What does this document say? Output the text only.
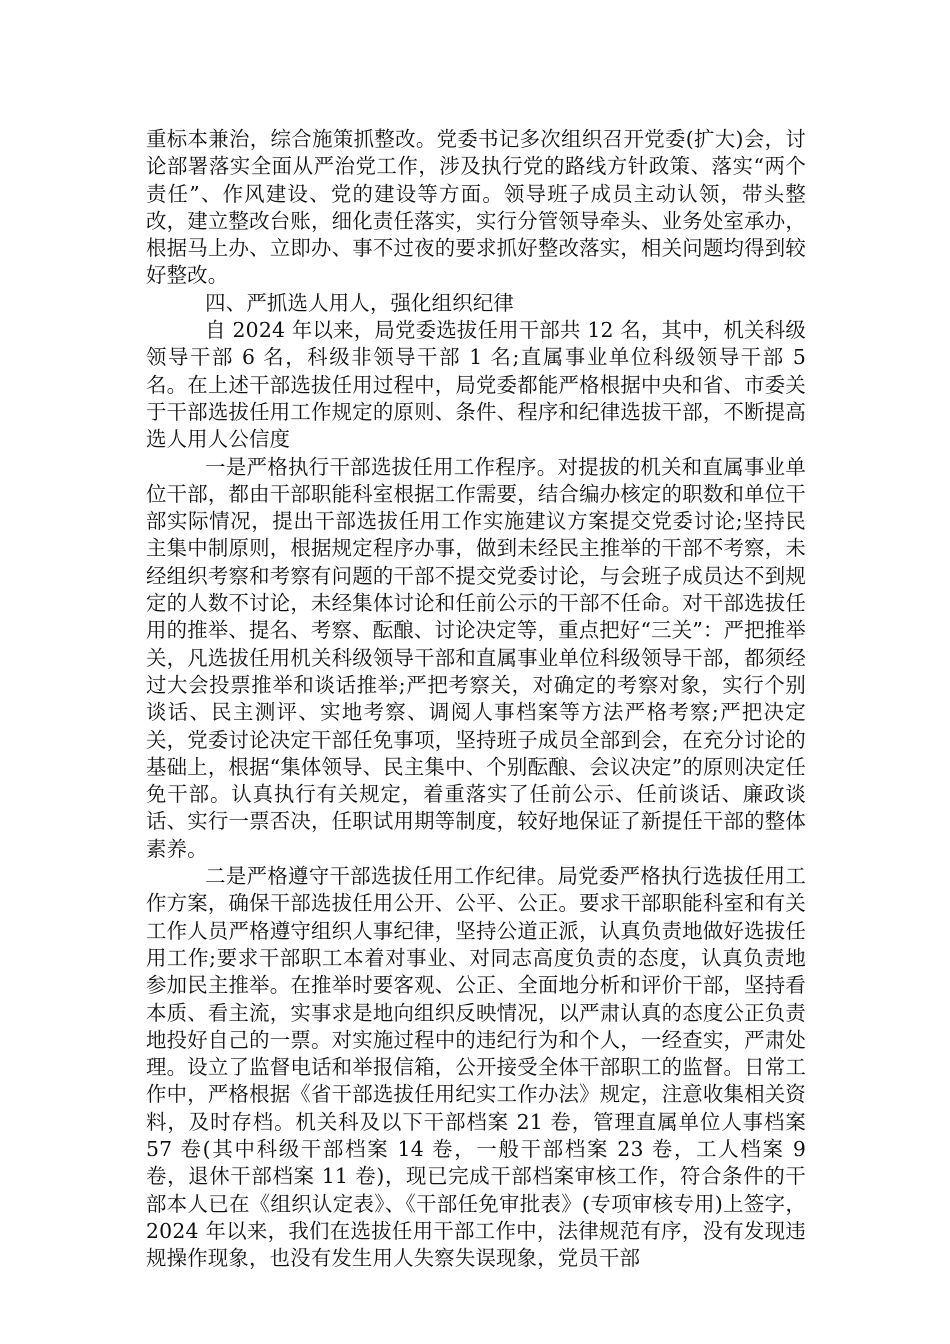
重标本兼治，综合施策抓整改。党委书记多次组织召开党委(扩大)会，讨论部署落实全面从严治党工作，涉及执行党的路线方针政策、落实“两个责任”、作风建设、党的建设等方面。领导班子成员主动认领，带头整改，建立整改台账，细化责任落实，实行分管领导牵头、业务处室承办，根据马上办、立即办、事不过夜的要求抓好整改落实，相关问题均得到较好整改。

四、严抓选人用人，强化组织纪律

自 2024 年以来，局党委选拔任用干部共 12 名，其中，机关科级领导干部 6 名，科级非领导干部 1 名;直属事业单位科级领导干部 5 名。在上述干部选拔任用过程中，局党委都能严格根据中央和省、市委关于干部选拔任用工作规定的原则、条件、程序和纪律选拔干部，不断提高选人用人公信度

一是严格执行干部选拔任用工作程序。对提拔的机关和直属事业单位干部，都由干部职能科室根据工作需要，结合编办核定的职数和单位干部实际情况，提出干部选拔任用工作实施建议方案提交党委讨论;坚持民主集中制原则，根据规定程序办事，做到未经民主推举的干部不考察，未经组织考察和考察有问题的干部不提交党委讨论，与会班子成员达不到规定的人数不讨论，未经集体讨论和任前公示的干部不任命。对干部选拔任用的推举、提名、考察、酝酿、讨论决定等，重点把好“三关”：严把推举关，凡选拔任用机关科级领导干部和直属事业单位科级领导干部，都须经过大会投票推举和谈话推举;严把考察关，对确定的考察对象，实行个别谈话、民主测评、实地考察、调阅人事档案等方法严格考察;严把决定关，党委讨论决定干部任免事项，坚持班子成员全部到会，在充分讨论的基础上，根据“集体领导、民主集中、个别酝酿、会议决定”的原则决定任免干部。认真执行有关规定，着重落实了任前公示、任前谈话、廉政谈话、实行一票否决，任职试用期等制度，较好地保证了新提任干部的整体素养。

二是严格遵守干部选拔任用工作纪律。局党委严格执行选拔任用工作方案，确保干部选拔任用公开、公平、公正。要求干部职能科室和有关工作人员严格遵守组织人事纪律，坚持公道正派，认真负责地做好选拔任用工作;要求干部职工本着对事业、对同志高度负责的态度，认真负责地参加民主推举。在推举时要客观、公正、全面地分析和评价干部，坚持看本质、看主流，实事求是地向组织反映情况，以严肃认真的态度公正负责地投好自己的一票。对实施过程中的违纪行为和个人，一经查实，严肃处理。设立了监督电话和举报信箱，公开接受全体干部职工的监督。日常工作中，严格根据《省干部选拔任用纪实工作办法》规定，注意收集相关资料，及时存档。机关科及以下干部档案 21 卷，管理直属单位人事档案 57 卷(其中科级干部档案 14 卷，一般干部档案 23 卷，工人档案 9 卷，退休干部档案 11 卷)，现已完成干部档案审核工作，符合条件的干部本人已在《组织认定表》、《干部任免审批表》(专项审核专用)上签字，2024 年以来，我们在选拔任用干部工作中，法律规范有序，没有发现违规操作现象，也没有发生用人失察失误现象，党员干部
